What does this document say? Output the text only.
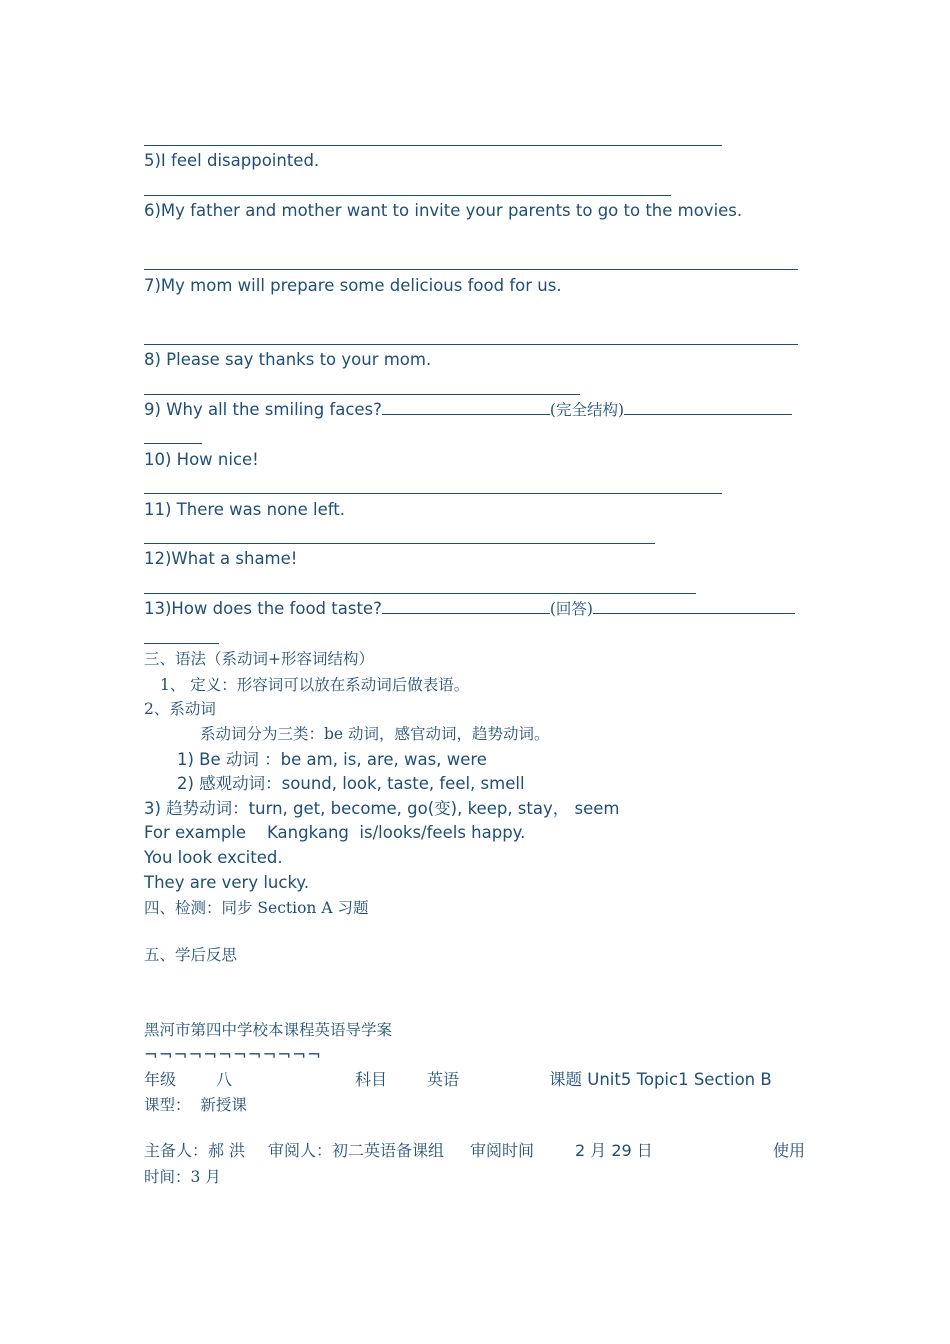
5)I feel disappointed.
6)My father and mother want to invite your parents to go to the movies.
7)My mom will prepare some delicious food for us.
8) Please say thanks to your mom.
9) Why all the smiling faces?	(完全结构)
10) How nice!
11) There was none left.
12)What a shame!
13)How does the food taste?	(回答)
三、语法（系动词+形容词结构）
1、 定义：形容词可以放在系动词后做表语。
2、系动词
系动词分为三类：be 动词，感官动词，趋势动词。
1) Be 动词 ：be am, is, are, was, were
2) 感观动词：sound, look, taste, feel, smell
3) 趋势动词：turn, get, become, go(变), keep, stay， seem
For example    Kangkang  is/looks/feels happy.
You look excited.
They are very lucky.
四、检测：同步 Section A 习题
五、学后反思
黑河市第四中学校本课程英语导学案
¬¬¬¬¬¬¬¬¬¬¬¬
年级 八	科目 英语	课题 Unit5 Topic1 Section B
课型：  新授课
主备人：郝 洪 审阅人：初二英语备课组 审阅时间	2 月 29 日	使用
时间：3 月
